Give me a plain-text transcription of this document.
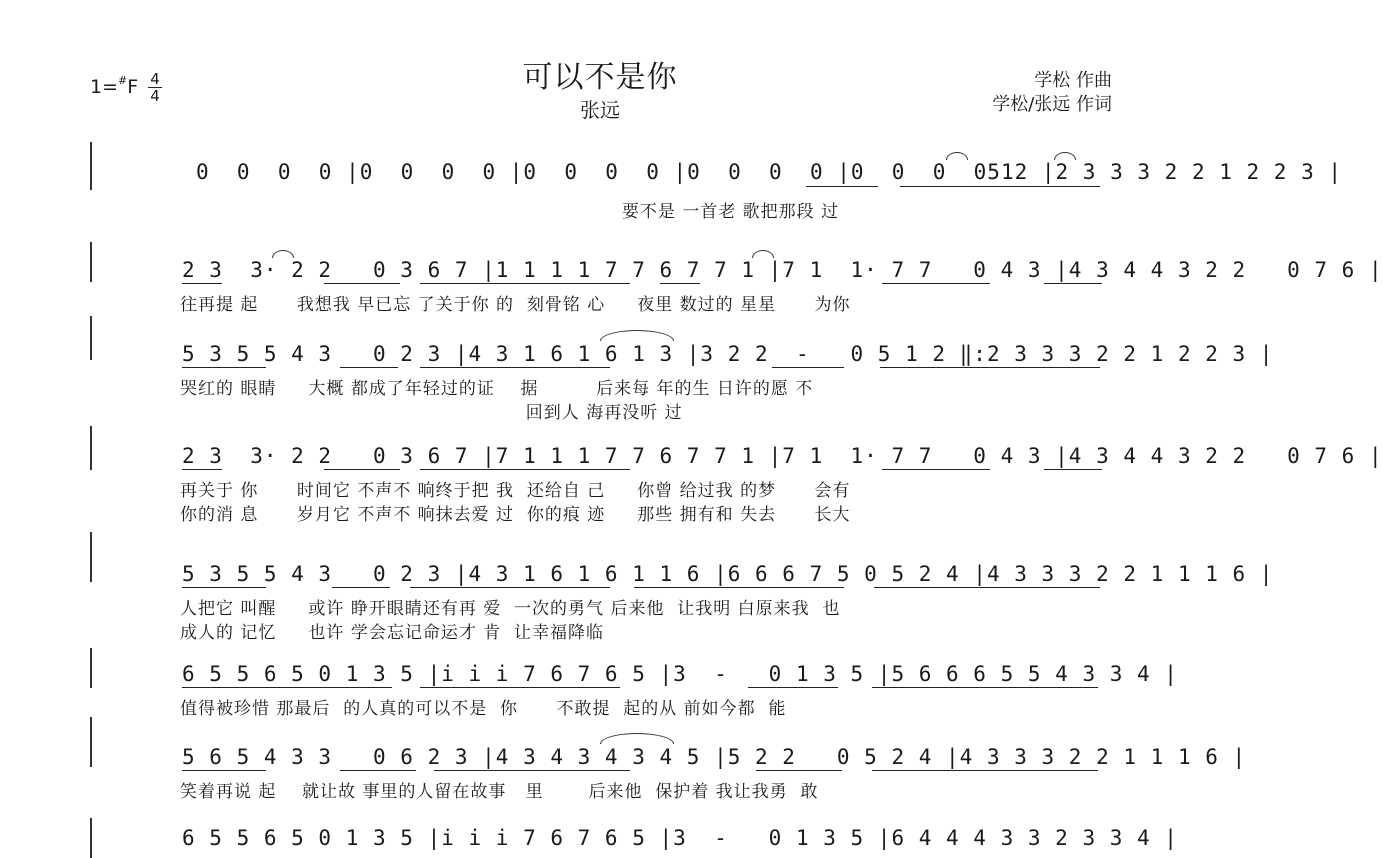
可以不是你
张远
1=#F 4
4
学松 作曲
学松/张远 作词
0  0  0  0 |0  0  0  0 |0  0  0  0 |0  0  0  0 |0  0  0  0512 |2 3 3 3 2 2 1 2 2 3 |
要不是 一首老 歌把那段 过
2 3  3· 2 2   0 3 6 7 |1 1 1 1 7 7 6 7 7 1 |7 1  1· 7 7   0 4 3 |4 3 4 4 3 2 2   0 7 6 |
往再提 起      我想我 早已忘 了关于你 的  刻骨铭 心     夜里 数过的 星星      为你
5 3 5 5 4 3   0 2 3 |4 3 1 6 1 6 1 3 |3 2 2  -   0 5 1 2 ‖:2 3 3 3 2 2 1 2 2 3 |
哭红的 眼睛     大概 都成了年轻过的证    据         后来每 年的生 日许的愿 不
回到人 海再没听 过
2 3  3· 2 2   0 3 6 7 |7 1 1 1 7 7 6 7 7 1 |7 1  1· 7 7   0 4 3 |4 3 4 4 3 2 2   0 7 6 |
再关于 你      时间它 不声不 响终于把 我  还给自 己     你曾 给过我 的梦      会有
你的消 息      岁月它 不声不 响抹去爱 过  你的痕 迹     那些 拥有和 失去      长大
5 3 5 5 4 3   0 2 3 |4 3 1 6 1 6 1 1 6 |6 6 6 7 5 0 5 2 4 |4 3 3 3 2 2 1 1 1 6 |
人把它 叫醒     或许 睁开眼睛还有再 爱  一次的勇气 后来他  让我明 白原来我  也
成人的 记忆     也许 学会忘记命运才 肯  让幸福降临
6 5 5 6 5 0 1 3 5 |i i i 7 6 7 6 5 |3  -   0 1 3 5 |5 6 6 6 5 5 4 3 3 4 |
值得被珍惜 那最后  的人真的可以不是  你      不敢提  起的从 前如今都  能
5 6 5 4 3 3   0 6 2 3 |4 3 4 3 4 3 4 5 |5 2 2   0 5 2 4 |4 3 3 3 2 2 1 1 1 6 |
笑着再说 起    就让故 事里的人留在故事   里       后来他  保护着 我让我勇  敢
6 5 5 6 5 0 1 3 5 |i i i 7 6 7 6 5 |3  -   0 1 3 5 |6 4 4 4 3 3 2 3 3 4 |
